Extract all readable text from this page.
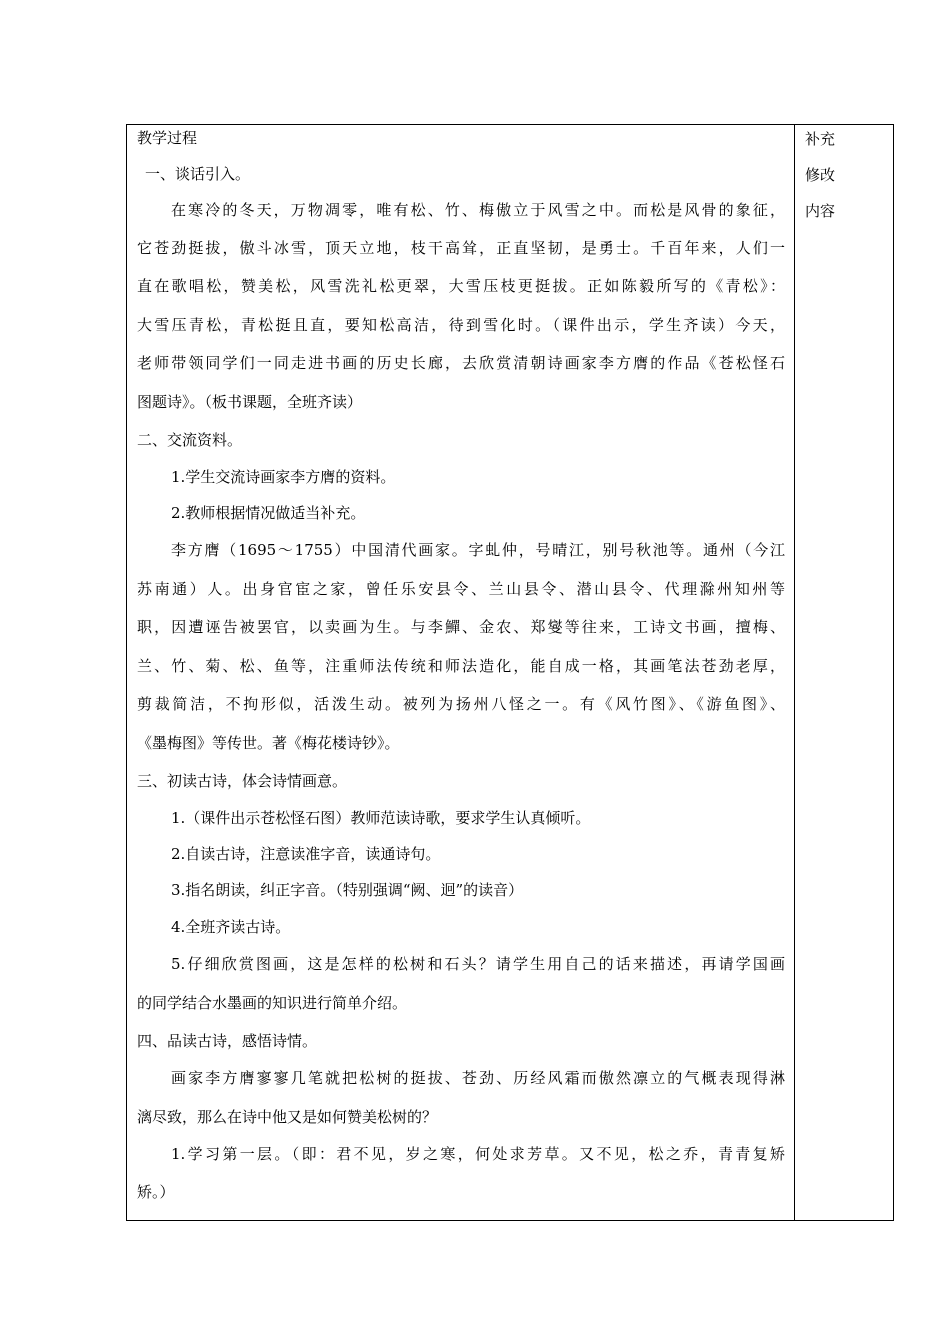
教学过程
一、谈话引入。
在寒冷的冬天，万物凋零，唯有松、竹、梅傲立于风雪之中。而松是风骨的象征，
它苍劲挺拔，傲斗冰雪，顶天立地，枝干高耸，正直坚韧，是勇士。千百年来，人们一
直在歌唱松，赞美松，风雪洗礼松更翠，大雪压枝更挺拔。正如陈毅所写的《青松》：
大雪压青松，青松挺且直，要知松高洁，待到雪化时。（课件出示，学生齐读）今天，
老师带领同学们一同走进书画的历史长廊，去欣赏清朝诗画家李方膺的作品《苍松怪石
图题诗》。（板书课题，全班齐读）
二、交流资料。
1.学生交流诗画家李方膺的资料。
2.教师根据情况做适当补充。
李方膺（1695～1755）中国清代画家。字虬仲，号晴江，别号秋池等。通州（今江
苏南通）人。出身官宦之家，曾任乐安县令、兰山县令、潜山县令、代理滁州知州等
职，因遭诬告被罢官，以卖画为生。与李鱓、金农、郑燮等往来，工诗文书画，擅梅、
兰、竹、菊、松、鱼等，注重师法传统和师法造化，能自成一格，其画笔法苍劲老厚，
剪裁简洁，不拘形似，活泼生动。被列为扬州八怪之一。有《风竹图》、《游鱼图》、
《墨梅图》等传世。著《梅花楼诗钞》。
三、初读古诗，体会诗情画意。
1.（课件出示苍松怪石图）教师范读诗歌，要求学生认真倾听。
2.自读古诗，注意读准字音，读通诗句。
3.指名朗读，纠正字音。（特别强调“阙、迥”的读音）
4.全班齐读古诗。
5.仔细欣赏图画，这是怎样的松树和石头？请学生用自己的话来描述，再请学国画
的同学结合水墨画的知识进行简单介绍。
四、品读古诗，感悟诗情。
画家李方膺寥寥几笔就把松树的挺拔、苍劲、历经风霜而傲然凛立的气概表现得淋
漓尽致，那么在诗中他又是如何赞美松树的？
1.学习第一层。（即：君不见，岁之寒，何处求芳草。又不见，松之乔，青青复矫
矫。）
补充
修改
内容
